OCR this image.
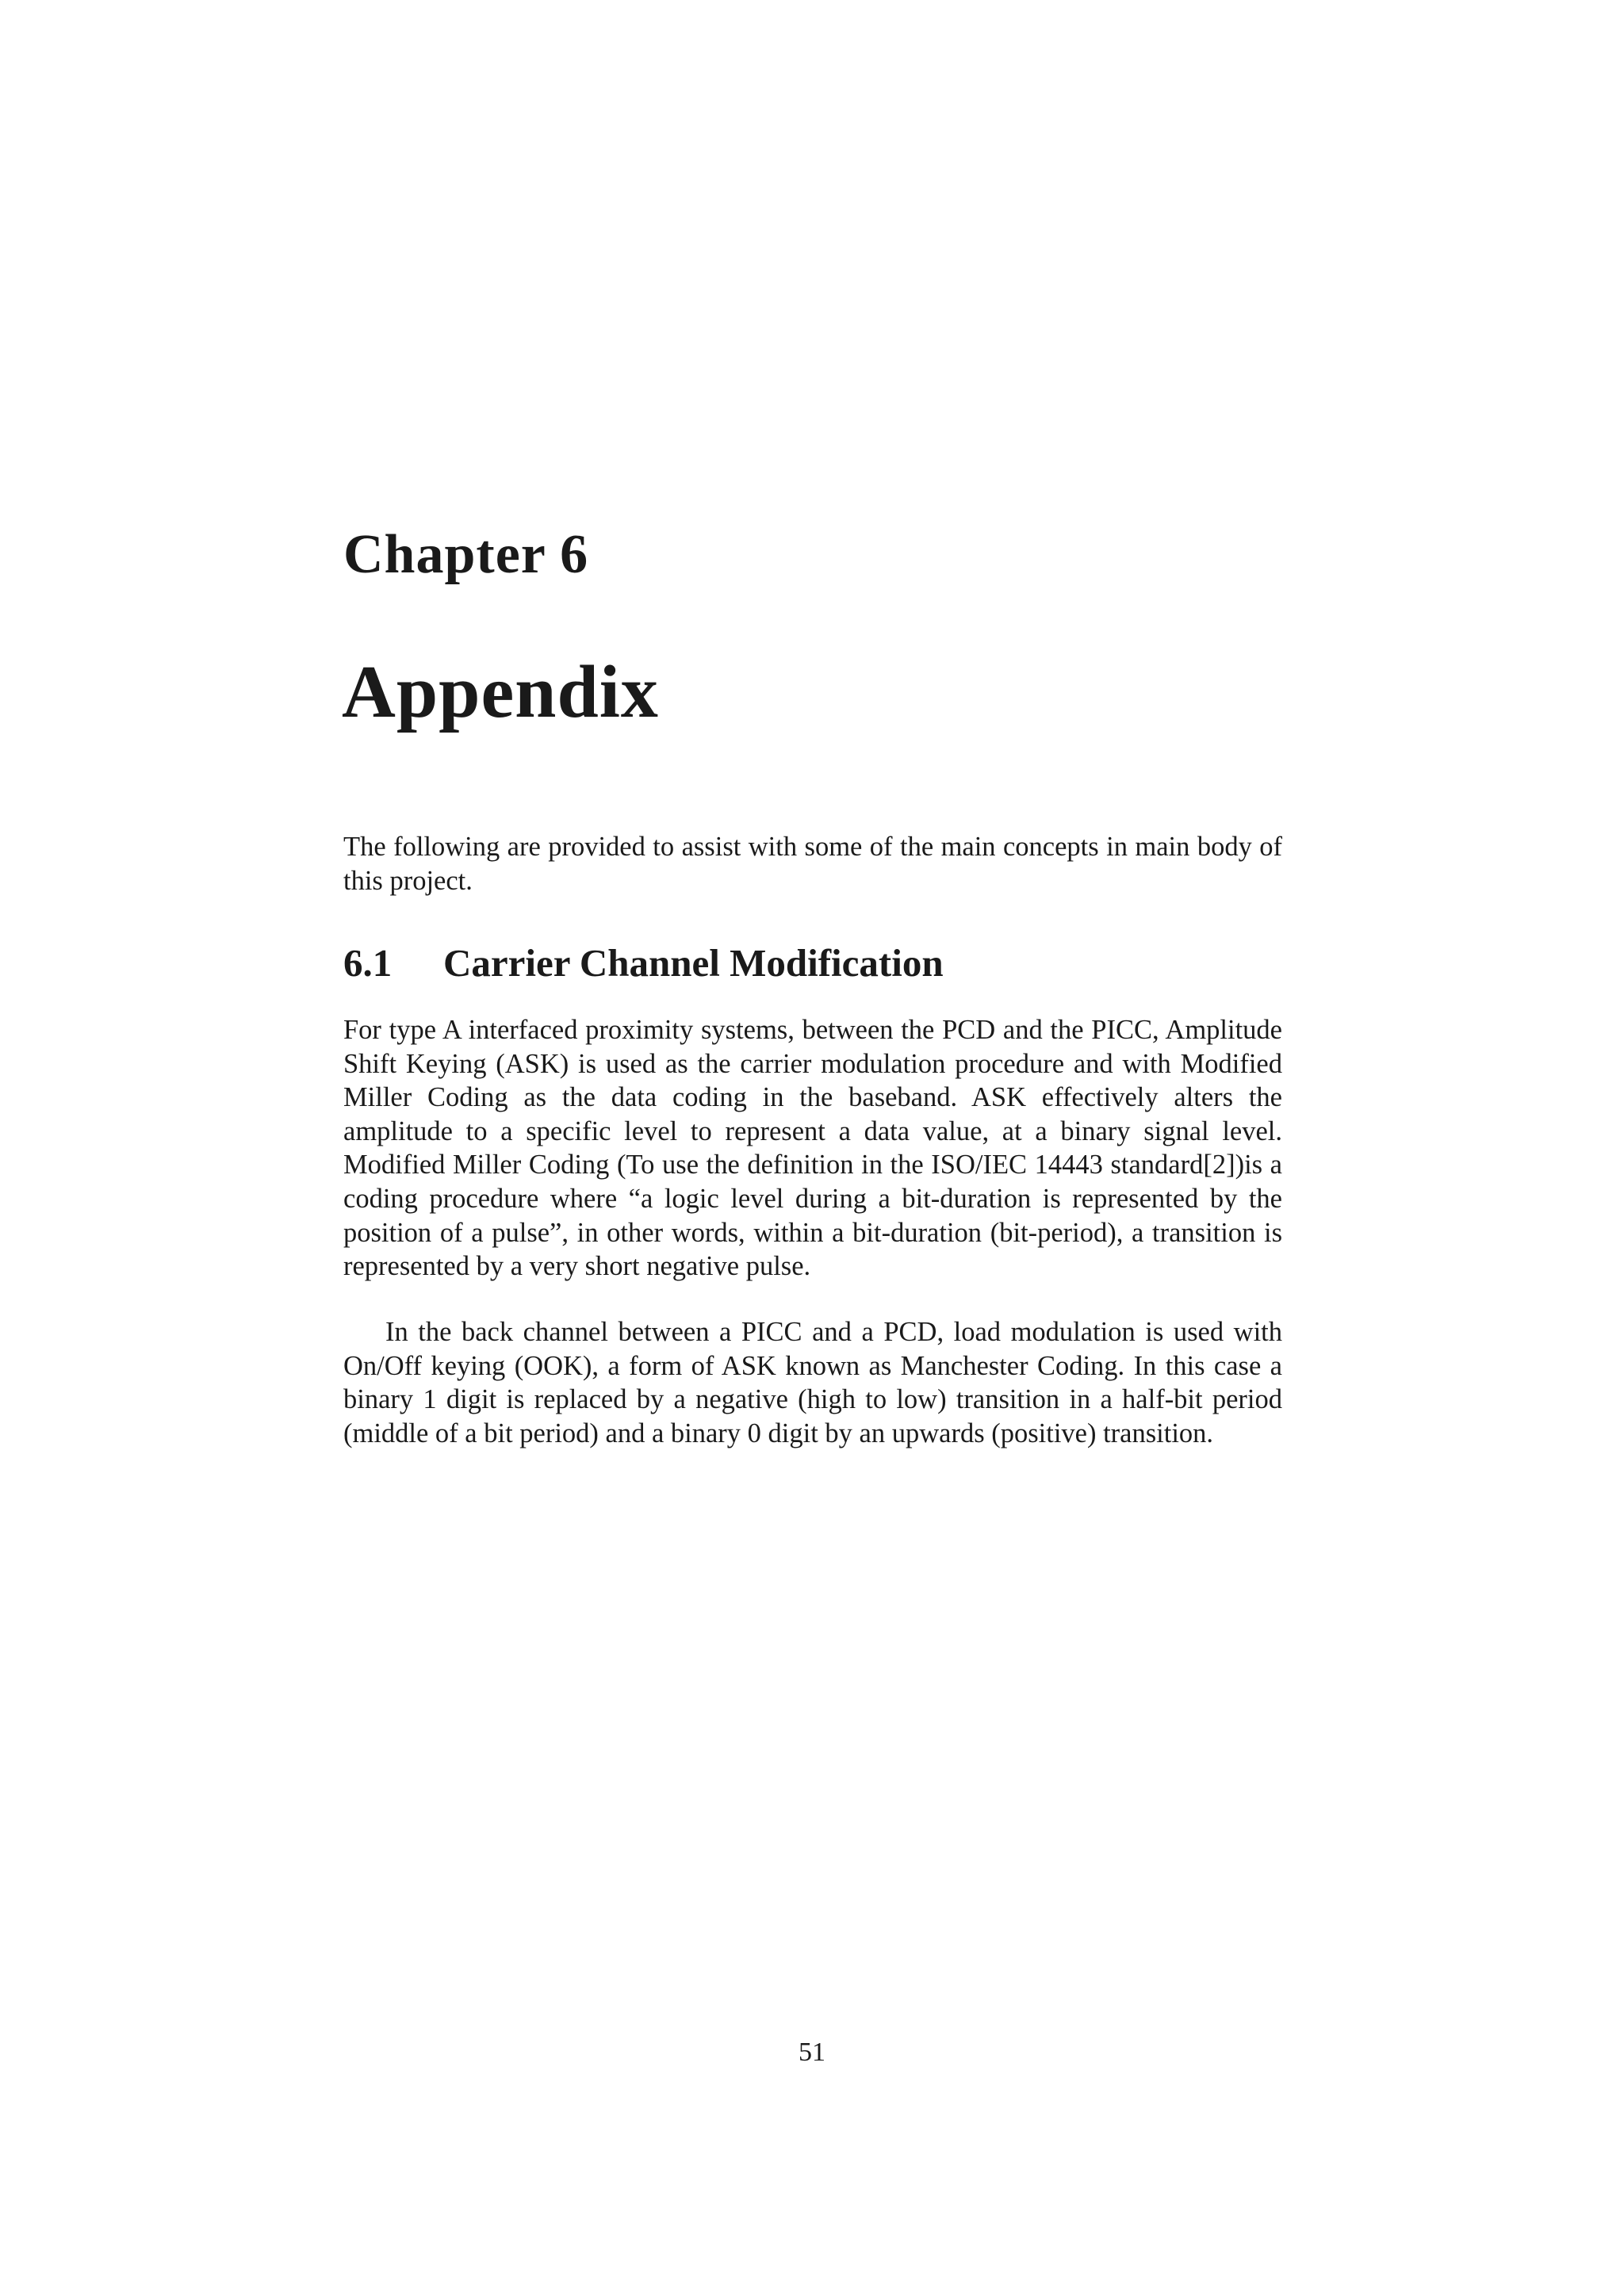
Chapter 6
Appendix

The following are provided to assist with some of the main concepts in main body of this project.

6.1 Carrier Channel Modification

For type A interfaced proximity systems, between the PCD and the PICC, Amplitude Shift Keying (ASK) is used as the carrier modulation procedure and with Modified Miller Coding as the data coding in the baseband. ASK effectively alters the amplitude to a specific level to represent a data value, at a binary signal level. Modified Miller Coding (To use the definition in the ISO/IEC 14443 standard[2])is a coding procedure where “a logic level during a bit-duration is represented by the position of a pulse”, in other words, within a bit-duration (bit-period), a transition is represented by a very short negative pulse.

In the back channel between a PICC and a PCD, load modulation is used with On/Off keying (OOK), a form of ASK known as Manchester Coding. In this case a binary 1 digit is replaced by a negative (high to low) transition in a half-bit period (middle of a bit period) and a binary 0 digit by an upwards (positive) transition.

51
